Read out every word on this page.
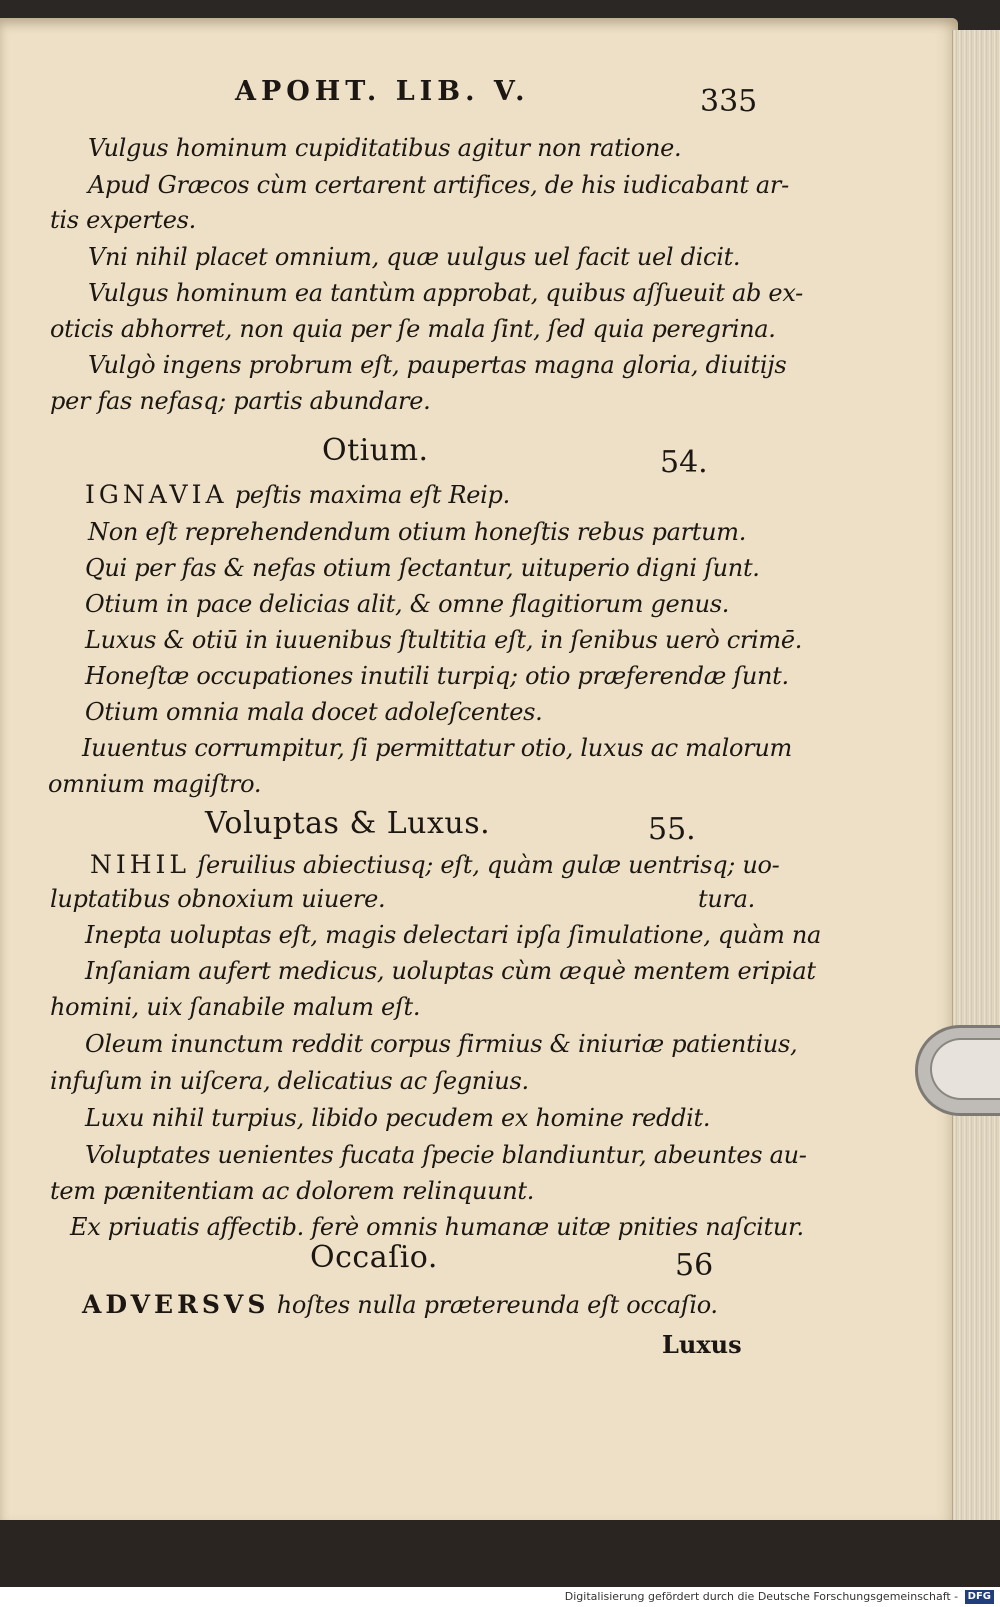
APOHT. LIB. V.	335
Vulgus hominum cupiditatibus agitur non ratione.
Apud Græcos cùm certarent artifices, de his iudicabant ar-
tis expertes.
Vni nihil placet omnium, quæ uulgus uel facit uel dicit.
Vulgus hominum ea tantùm approbat, quibus aſſueuit ab ex-
oticis abhorret, non quia per ſe mala ſint, ſed quia peregrina.
Vulgò ingens probrum eſt, paupertas magna gloria, diuitijs
per fas nefasq; partis abundare.
Otium.	54.
IGNAVIA peſtis maxima eſt Reip.
Non eſt reprehendendum otium honeſtis rebus partum.
Qui per fas & nefas otium ſectantur, uituperio digni ſunt.
Otium in pace delicias alit, & omne flagitiorum genus.
Luxus & otiū in iuuenibus ſtultitia eſt, in ſenibus uerò crimē.
Honeſtæ occupationes inutili turpiq; otio præferendæ ſunt.
Otium omnia mala docet adoleſcentes.
Iuuentus corrumpitur, ſi permittatur otio, luxus ac malorum
omnium magiſtro.
Voluptas & Luxus.	55.
NIHIL ſeruilius abiectiusq; eſt, quàm gulæ uentrisq; uo-
luptatibus obnoxium uiuere.	tura.
Inepta uoluptas eſt, magis delectari ipſa ſimulatione, quàm na
Inſaniam aufert medicus, uoluptas cùm æquè mentem eripiat
homini, uix ſanabile malum eſt.
Oleum inunctum reddit corpus firmius & iniuriæ patientius,
infuſum in uiſcera, delicatius ac ſegnius.
Luxu nihil turpius, libido pecudem ex homine reddit.
Voluptates uenientes fucata ſpecie blandiuntur, abeuntes au-
tem pænitentiam ac dolorem relinquunt.
Ex priuatis affectib. ferè omnis humanæ uitæ pnities naſcitur.
Occaſio.	56
ADVERSVS hoſtes nulla prætereunda eſt occaſio.
Luxus
Digitalisierung gefördert durch die Deutsche Forschungsgemeinschaft - DFG
